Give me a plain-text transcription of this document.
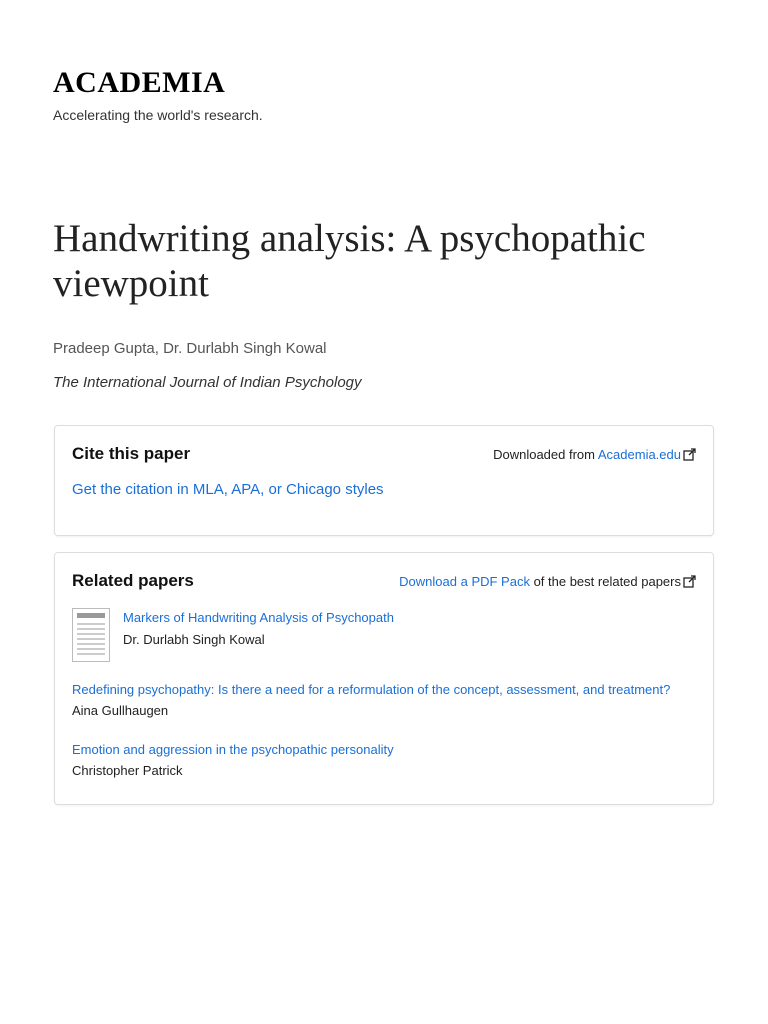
ACADEMIA
Accelerating the world's research.
Handwriting analysis: A psychopathic viewpoint
Pradeep Gupta, Dr. Durlabh Singh Kowal
The International Journal of Indian Psychology
Cite this paper	Downloaded from Academia.edu
Get the citation in MLA, APA, or Chicago styles
Related papers	Download a PDF Pack of the best related papers
Markers of Handwriting Analysis of Psychopath
Dr. Durlabh Singh Kowal
Redefining psychopathy: Is there a need for a reformulation of the concept, assessment, and treatment?
Aina Gullhaugen
Emotion and aggression in the psychopathic personality
Christopher Patrick
